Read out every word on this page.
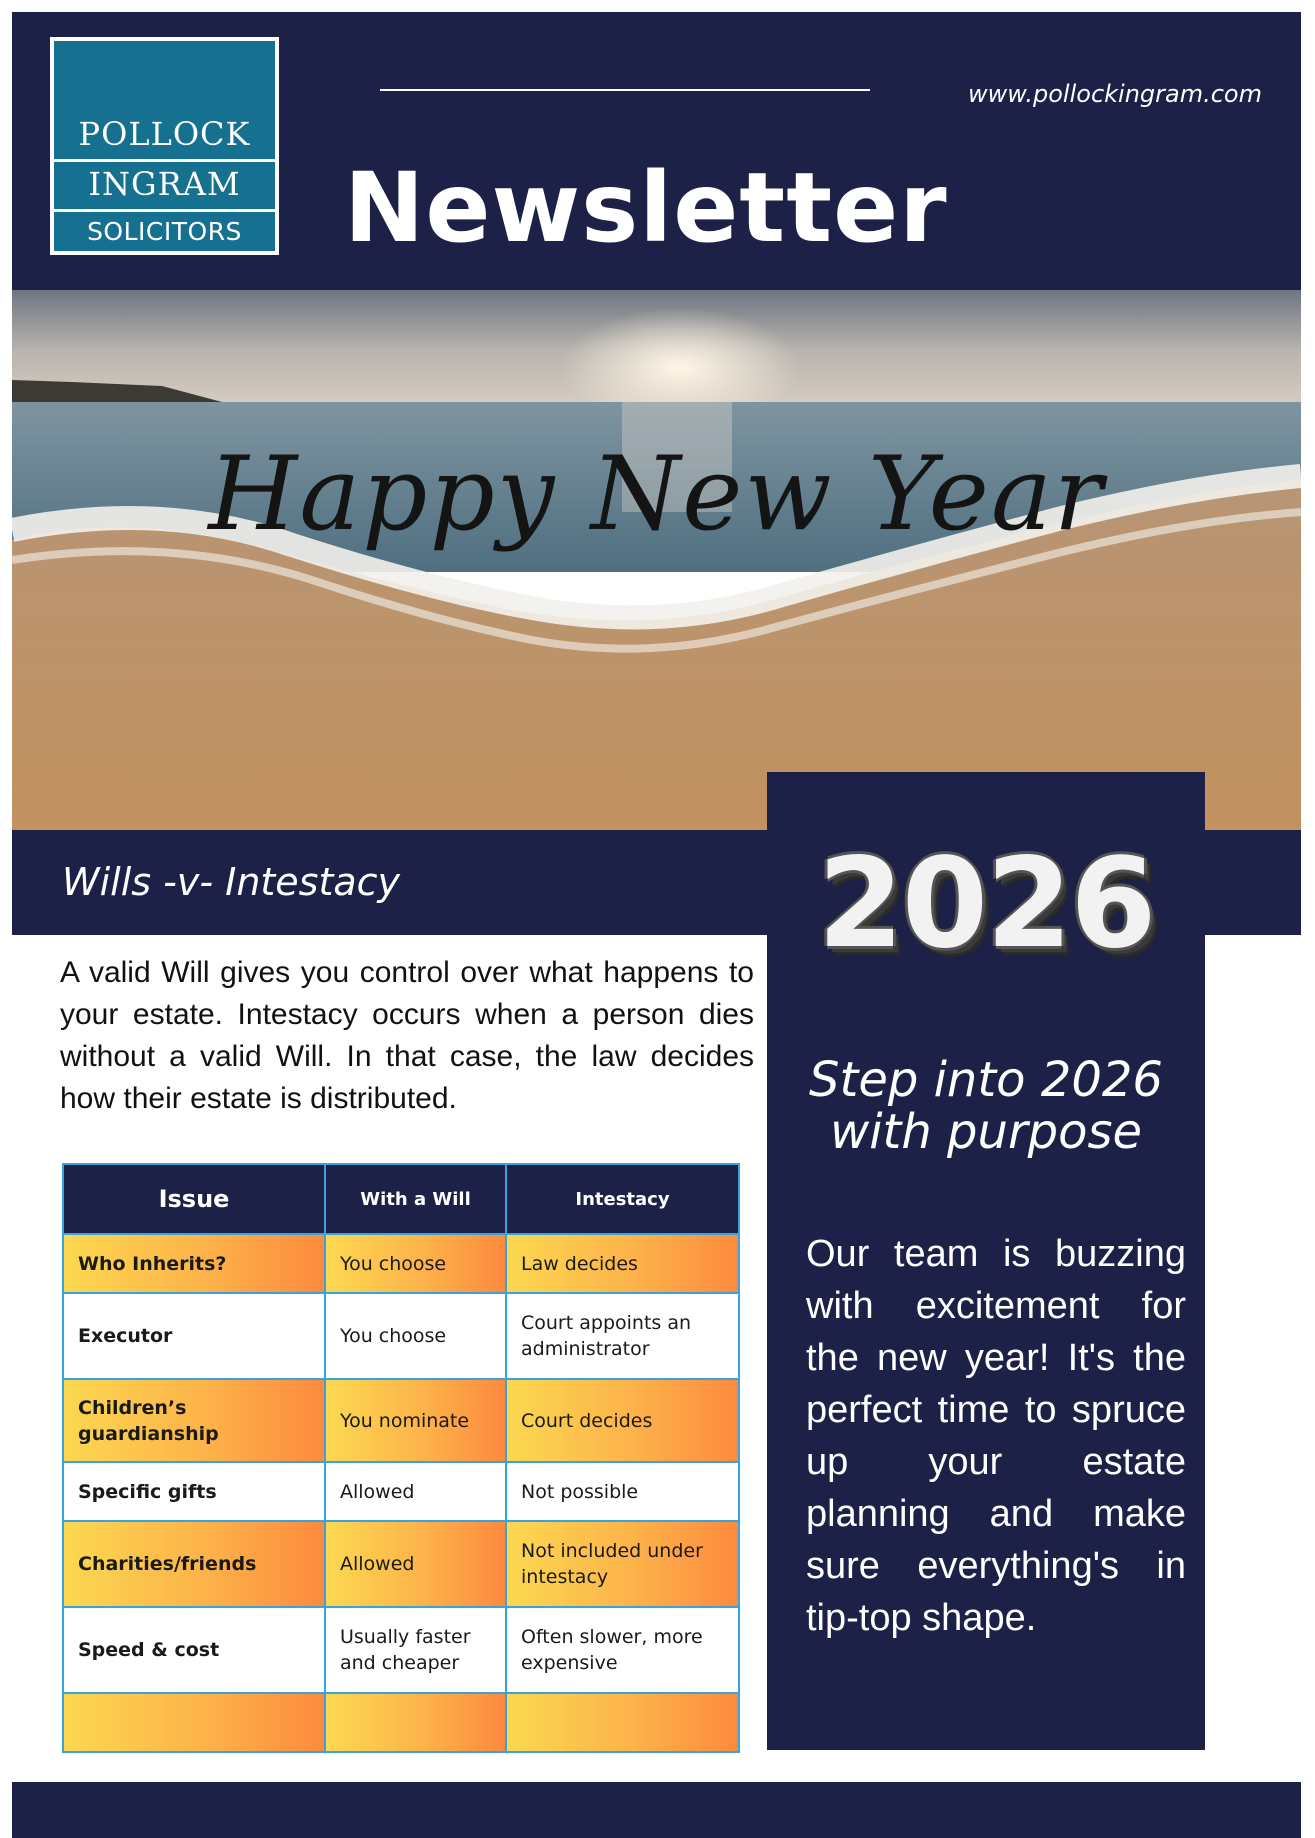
POLLOCK
INGRAM
SOLICITORS
www.pollockingram.com
Newsletter
Happy New Year
Wills -v- Intestacy
A valid Will gives you control over what happens to your estate. Intestacy occurs when a person dies without a valid Will. In that case, the law decides how their estate is distributed.
Issue	With a Will	Intestacy
Who Inherits?	You choose	Law decides
Executor	You choose	Court appoints an administrator
Children’s guardianship	You nominate	Court decides
Specific gifts	Allowed	Not possible
Charities/friends	Allowed	Not included under intestacy
Speed & cost	Usually faster and cheaper	Often slower, more expensive

2026
Step into 2026 with purpose
Our team is buzzing with excitement for the new year! It's the perfect time to spruce up your estate planning and make sure everything's in tip-top shape.
